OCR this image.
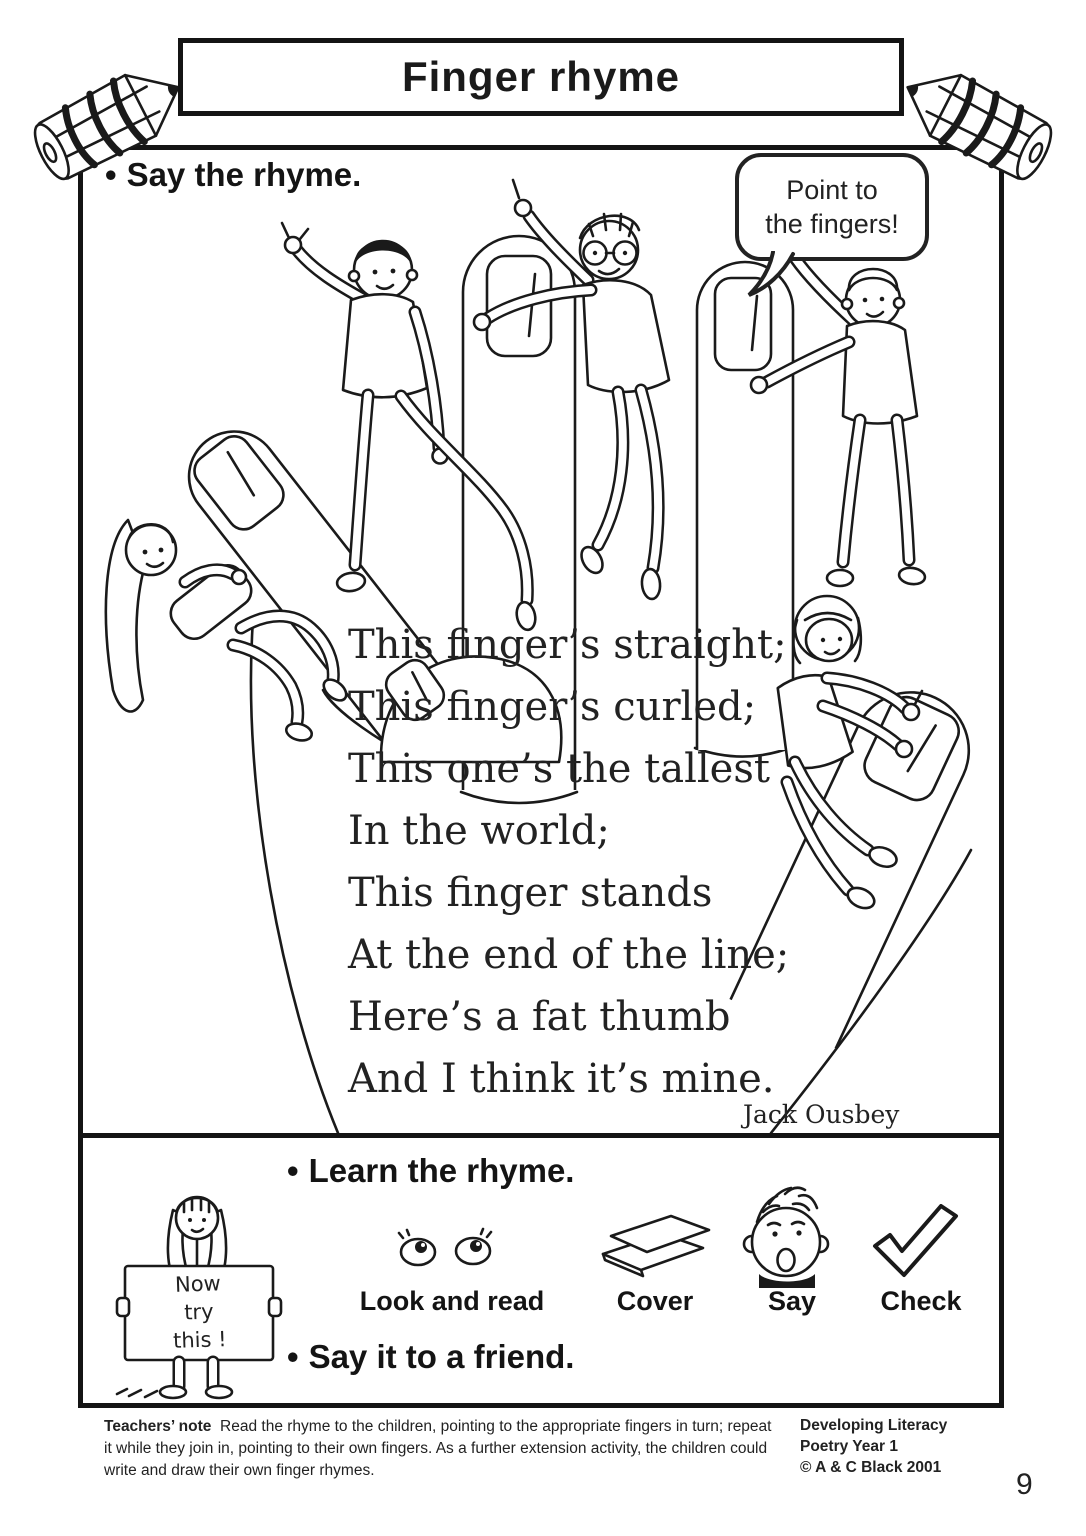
Finger rhyme
• Say the rhyme.	Point to
the fingers!
This finger’s straight;
This finger’s curled;
This one’s the tallest
In the world;
This finger stands
At the end of the line;
Here’s a fat thumb
And I think it’s mine.
Jack Ousbey
Now
try
this !
• Learn the rhyme.
Look and read	Cover	Say Check
• Say it to a friend.
Teachers’ note Read the rhyme to the children, pointing to the appropriate fingers in turn; repeat it while they join in, pointing to their own fingers. As a further extension activity, the children could write and draw their own finger rhymes.
Developing Literacy
Poetry Year 1
© A & C Black 2001
9
